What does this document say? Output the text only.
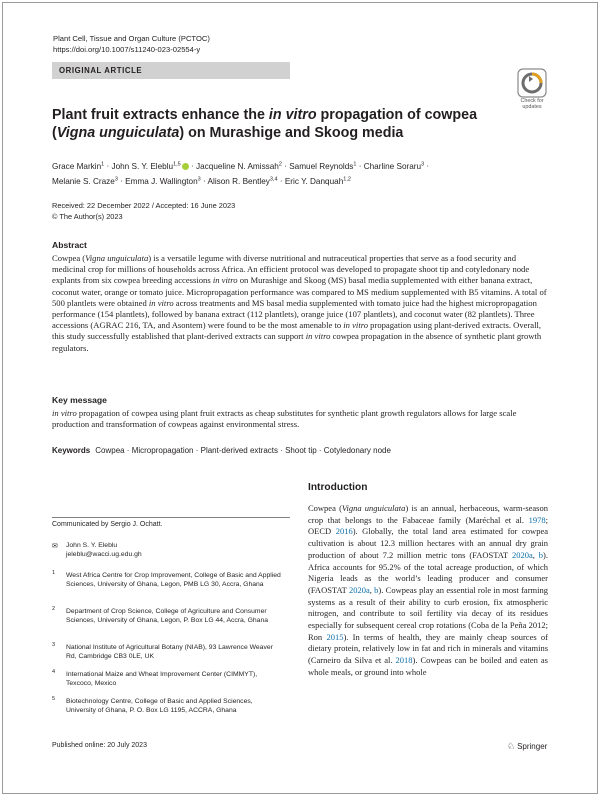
Plant Cell, Tissue and Organ Culture (PCTOC)
https://doi.org/10.1007/s11240-023-02554-y
ORIGINAL ARTICLE
Check for updates
Plant fruit extracts enhance the in vitro propagation of cowpea (Vigna unguiculata) on Murashige and Skoog media
Grace Markin$^1$ · John S. Y. Eleblu$^{1,5}$ · Jacqueline N. Amissah$^2$ · Samuel Reynolds$^1$ · Charline Soraru$^3$ ·
Melanie S. Craze$^3$ · Emma J. Wallington$^3$ · Alison R. Bentley$^{3,4}$ · Eric Y. Danquah$^{1,2}$
Received: 22 December 2022 / Accepted: 16 June 2023
© The Author(s) 2023
Abstract
Cowpea (Vigna unguiculata) is a versatile legume with diverse nutritional and nutraceutical properties that serve as a food security and medicinal crop for millions of households across Africa. An efficient protocol was developed to propagate shoot tip and cotyledonary node explants from six cowpea breeding accessions in vitro on Murashige and Skoog (MS) basal media supplemented with either banana extract, coconut water, orange or tomato juice. Micropropagation performance was compared to MS medium supplemented with B5 vitamins. A total of 500 plantlets were obtained in vitro across treatments and MS basal media supplemented with tomato juice had the highest micropropagation performance (154 plantlets), followed by banana extract (112 plantlets), orange juice (107 plantlets), and coconut water (82 plantlets). Three accessions (AGRAC 216, TA, and Asontem) were found to be the most amenable to in vitro propagation using plant-derived extracts. Overall, this study successfully established that plant-derived extracts can support in vitro cowpea propagation in the absence of synthetic plant growth regulators.
Key message
in vitro propagation of cowpea using plant fruit extracts as cheap substitutes for synthetic plant growth regulators allows for large scale production and transformation of cowpeas against environmental stress.
Keywords Cowpea · Micropropagation · Plant-derived extracts · Shoot tip · Cotyledonary node
Introduction
Cowpea (Vigna unguiculata) is an annual, herbaceous, warm-season crop that belongs to the Fabaceae family (Maréchal et al. 1978; OECD 2016). Globally, the total land area estimated for cowpea cultivation is about 12.3 million hectares with an annual dry grain production of about 7.2 million metric tons (FAOSTAT 2020a, b). Africa accounts for 95.2% of the total acreage production, of which Nigeria leads as the world’s leading producer and consumer (FAOSTAT 2020a, b). Cowpeas play an essential role in most farming systems as a result of their ability to curb erosion, fix atmospheric nitrogen, and contribute to soil fertility via decay of its residues especially for subsequent cereal crop rotations (Coba de la Peña 2012; Ron 2015). In terms of health, they are mainly cheap sources of dietary protein, relatively low in fat and rich in minerals and vitamins (Carneiro da Silva et al. 2018). Cowpeas can be boiled and eaten as whole meals, or ground into whole
Communicated by Sergio J. Ochatt.
✉ John S. Y. Eleblu
jeleblu@wacci.ug.edu.gh
1 West Africa Centre for Crop Improvement, College of Basic and Applied Sciences, University of Ghana, Legon, PMB LG 30, Accra, Ghana
2 Department of Crop Science, College of Agriculture and Consumer Sciences, University of Ghana, Legon, P. Box LG 44, Accra, Ghana
3 National Institute of Agricultural Botany (NIAB), 93 Lawrence Weaver Rd, Cambridge CB3 0LE, UK
4 International Maize and Wheat Improvement Center (CIMMYT), Texcoco, Mexico
5 Biotechnology Centre, College of Basic and Applied Sciences, University of Ghana, P. O. Box LG 1195, ACCRA, Ghana
Published online: 20 July 2023	♘ Springer
